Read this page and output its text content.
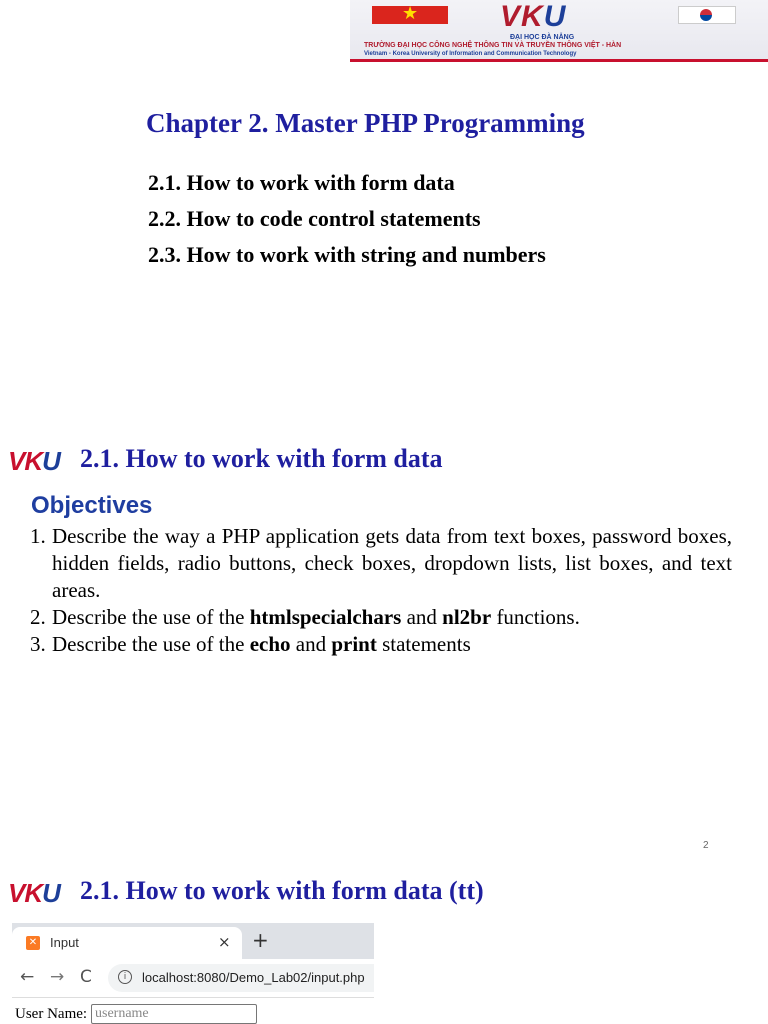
★	VKU
ĐẠI HỌC ĐÀ NẴNG
TRƯỜNG ĐẠI HỌC CÔNG NGHỆ THÔNG TIN VÀ TRUYỀN THÔNG VIỆT - HÀN
Vietnam - Korea University of Information and Communication Technology
Chapter 2. Master PHP Programming
2.1. How to work with form data
2.2. How to code control statements
2.3. How to work with string and numbers
VKU 2.1. How to work with form data
Objectives
1. Describe the way a PHP application gets data from text boxes, password boxes, hidden fields, radio buttons, check boxes, dropdown lists, list boxes, and text areas.
2. Describe the use of the htmlspecialchars and nl2br functions.
3. Describe the use of the echo and print statements
2
VKU 2.1. How to work with form data (tt)
✕ Input	× +
← → C	i	localhost:8080/Demo_Lab02/input.php
User Name:
username
